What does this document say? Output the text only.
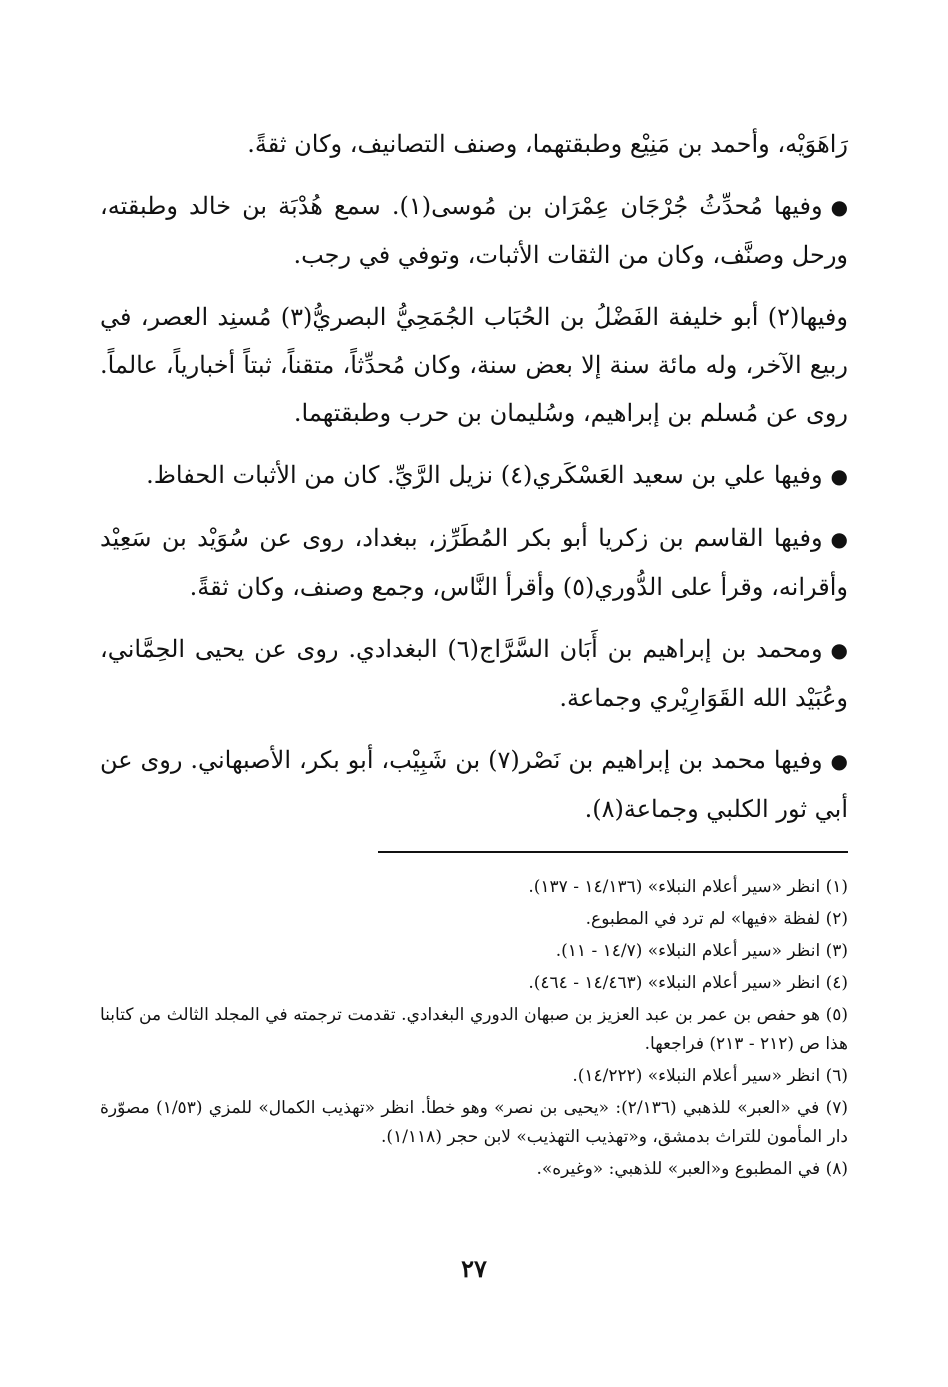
رَاهَوَيْه، وأحمد بن مَنِيْع وطبقتهما، وصنف التصانيف، وكان ثقةً.

●وفيها مُحدِّثُ جُرْجَان عِمْرَان بن مُوسى(١). سمع هُدْبَة بن خالد وطبقته، ورحل وصنَّف، وكان من الثقات الأثبات، وتوفي في رجب.

وفيها(٢) أبو خليفة الفَضْلُ بن الحُبَاب الجُمَحِيُّ البصريُّ(٣) مُسنِد العصر، في ربيع الآخر، وله مائة سنة إلا بعض سنة، وكان مُحدِّثاً، متقناً، ثبتاً أخبارياً، عالماً. روى عن مُسلم بن إبراهيم، وسُليمان بن حرب وطبقتهما.

●وفيها علي بن سعيد العَسْكَري(٤) نزيل الرَّيِّ. كان من الأثبات الحفاظ.

●وفيها القاسم بن زكريا أبو بكر المُطَرِّز، ببغداد، روى عن سُوَيْد بن سَعِيْد وأقرانه، وقرأ على الدُّوري(٥) وأقرأ النَّاس، وجمع وصنف، وكان ثقةً.

●ومحمد بن إبراهيم بن أَبَان السَّرَّاج(٦) البغدادي. روى عن يحيى الحِمَّاني، وعُبَيْد الله القَوَارِيْري وجماعة.

●وفيها محمد بن إبراهيم بن نَصْر(٧) بن شَبِيْب، أبو بكر، الأصبهاني. روى عن أبي ثور الكلبي وجماعة(٨).

(١) انظر «سير أعلام النبلاء» (١٤/١٣٦ - ١٣٧).
(٢) لفظة «فيها» لم ترد في المطبوع.
(٣) انظر «سير أعلام النبلاء» (١٤/٧ - ١١).
(٤) انظر «سير أعلام النبلاء» (١٤/٤٦٣ - ٤٦٤).
(٥) هو حفص بن عمر بن عبد العزيز بن صبهان الدوري البغدادي. تقدمت ترجمته في المجلد الثالث من كتابنا هذا ص (٢١٢ - ٢١٣) فراجعها.
(٦) انظر «سير أعلام النبلاء» (١٤/٢٢٢).
(٧) في «العبر» للذهبي (٢/١٣٦): «يحيى بن نصر» وهو خطأ. انظر «تهذيب الكمال» للمزي (١/٥٣) مصوّرة دار المأمون للتراث بدمشق، و«تهذيب التهذيب» لابن حجر (١/١١٨).
(٨) في المطبوع و«العبر» للذهبي: «وغيره».
٢٧
